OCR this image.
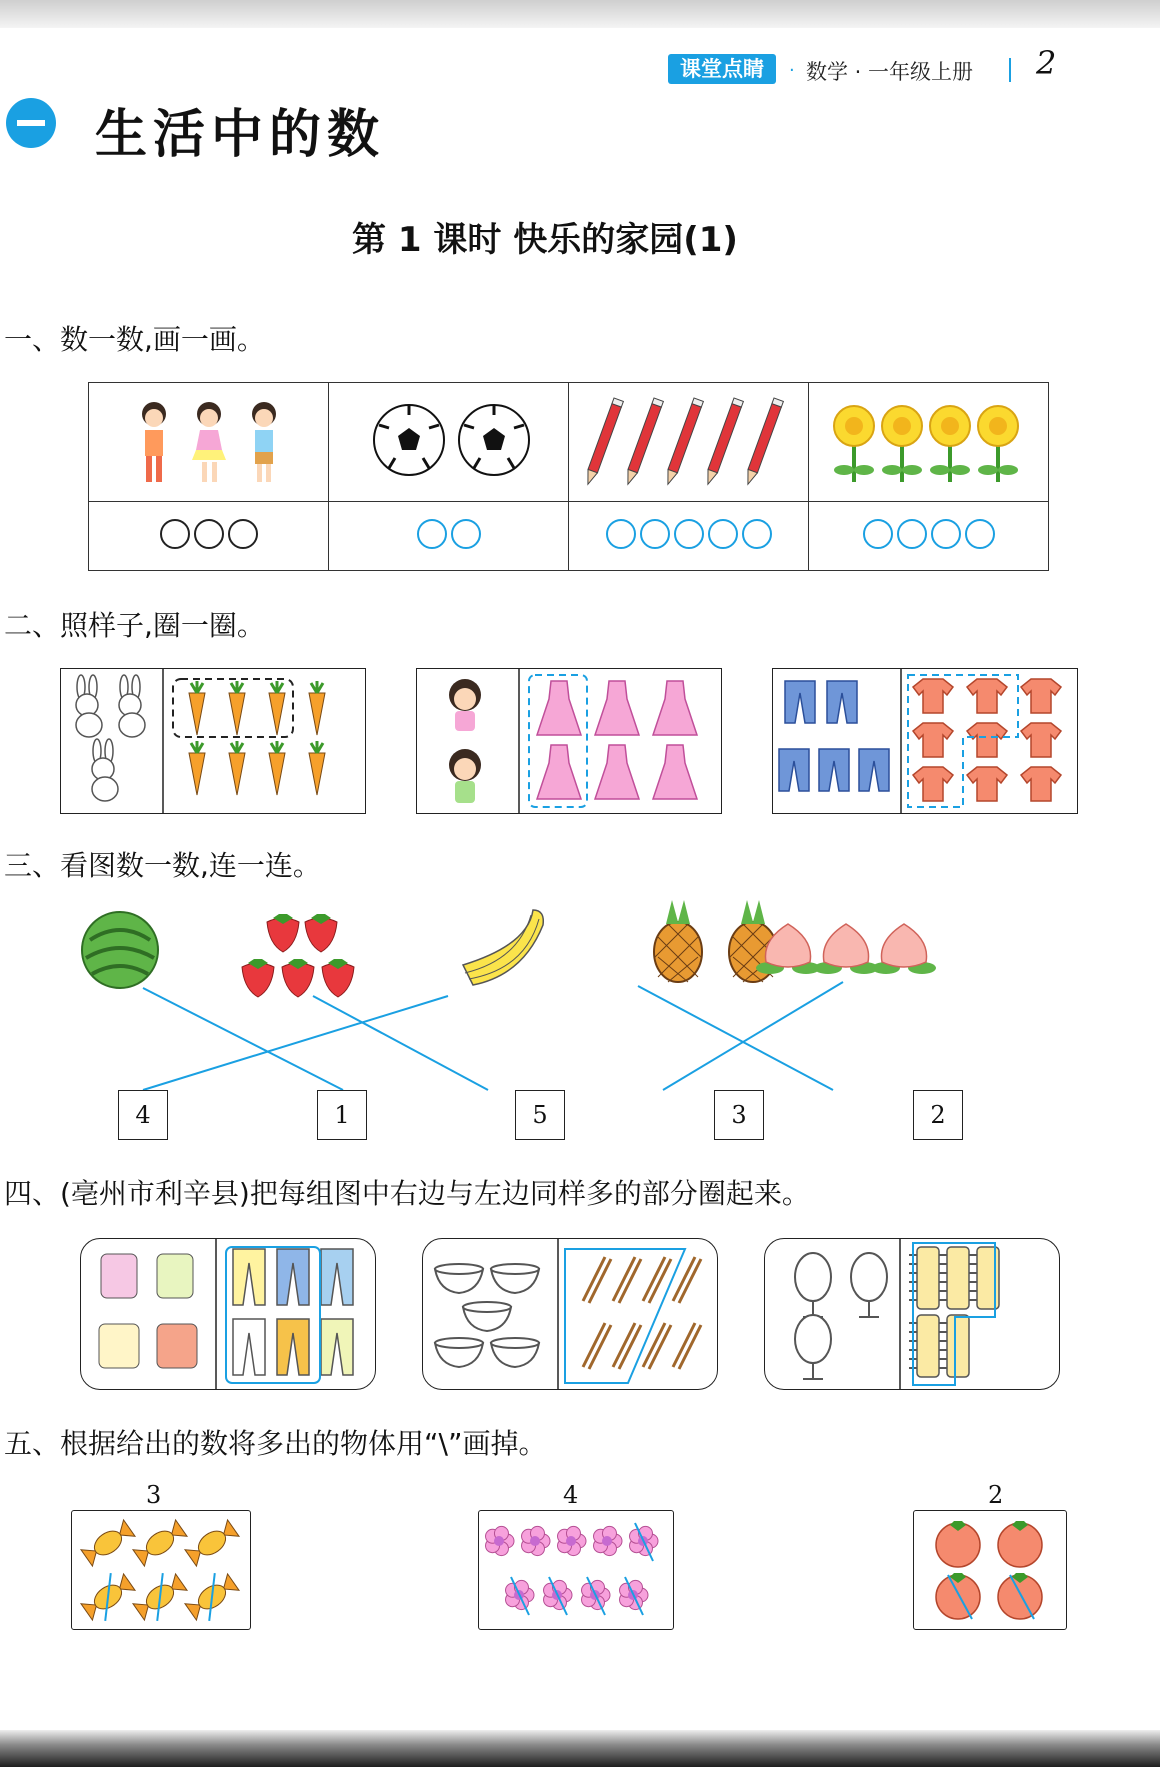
课堂点睛	· 数学 · 一年级上册 2
生活中的数
第 1 课时 快乐的家园(1)
一、数一数,画一画。
二、照样子,圈一圈。
三、看图数一数,连一连。
四、(亳州市利辛县)把每组图中右边与左边同样多的部分圈起来。
五、根据给出的数将多出的物体用“\”画掉。

4	1	5	3	2
3	4	2
